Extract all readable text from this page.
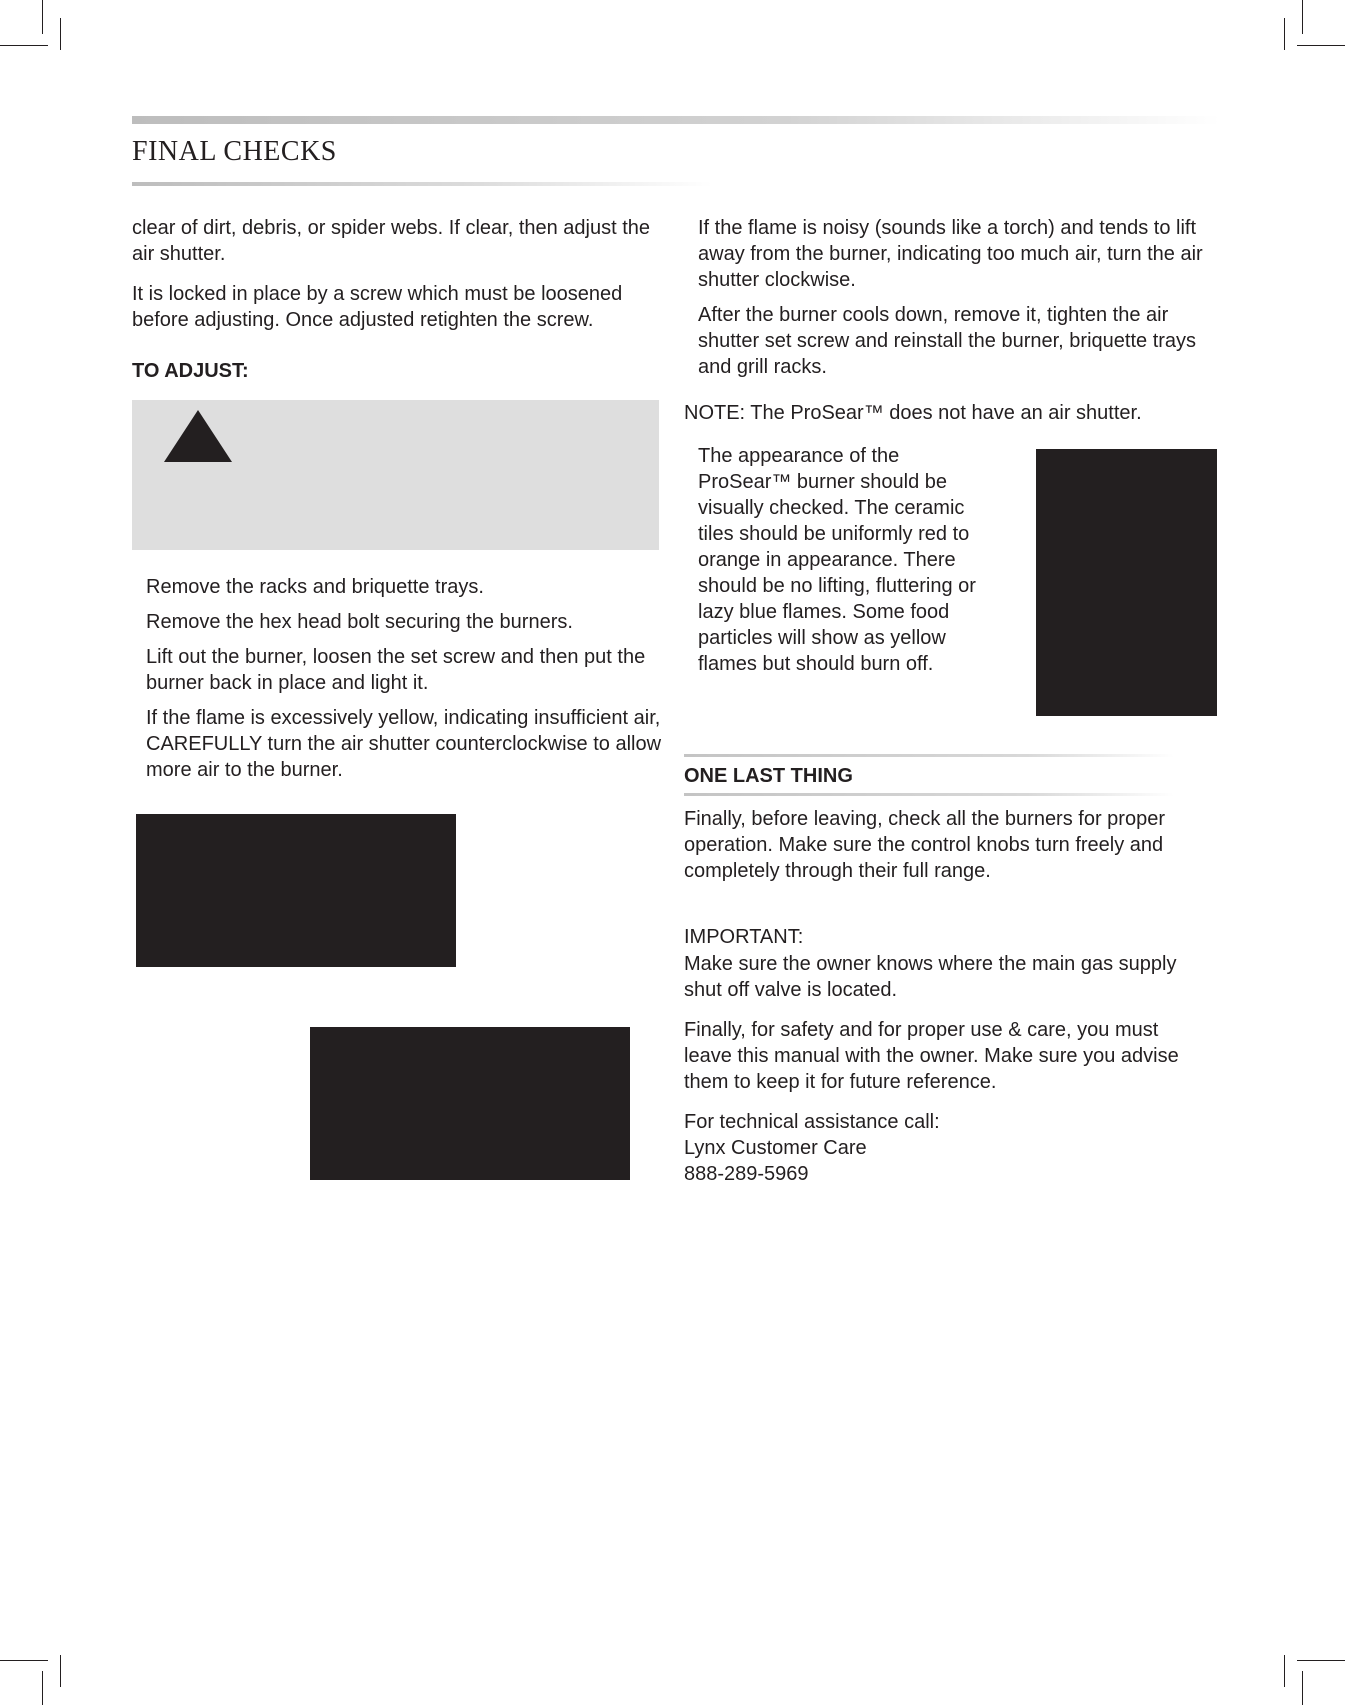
FINAL CHECKS

clear of dirt, debris, or spider webs. If clear, then adjust the air shutter.

It is locked in place by a screw which must be loosened before adjusting. Once adjusted retighten the screw.

TO ADJUST:

Remove the racks and briquette trays.

Remove the hex head bolt securing the burners.

Lift out the burner, loosen the set screw and then put the burner back in place and light it.

If the flame is excessively yellow, indicating insufficient air, CAREFULLY turn the air shutter counterclockwise to allow more air to the burner.

If the flame is noisy (sounds like a torch) and tends to lift away from the burner, indicating too much air, turn the air shutter clockwise.

After the burner cools down, remove it, tighten the air shutter set screw and reinstall the burner, briquette trays and grill racks.

NOTE: The ProSear™ does not have an air shutter.

The appearance of the ProSear™ burner should be visually checked. The ceramic tiles should be uniformly red to orange in appearance. There should be no lifting, fluttering or lazy blue flames. Some food particles will show as yellow flames but should burn off.

ONE LAST THING

Finally, before leaving, check all the burners for proper operation. Make sure the control knobs turn freely and completely through their full range.

IMPORTANT:

Make sure the owner knows where the main gas supply shut off valve is located.

Finally, for safety and for proper use & care, you must leave this manual with the owner. Make sure you advise them to keep it for future reference.

For technical assistance call:

Lynx Customer Care

888-289-5969
